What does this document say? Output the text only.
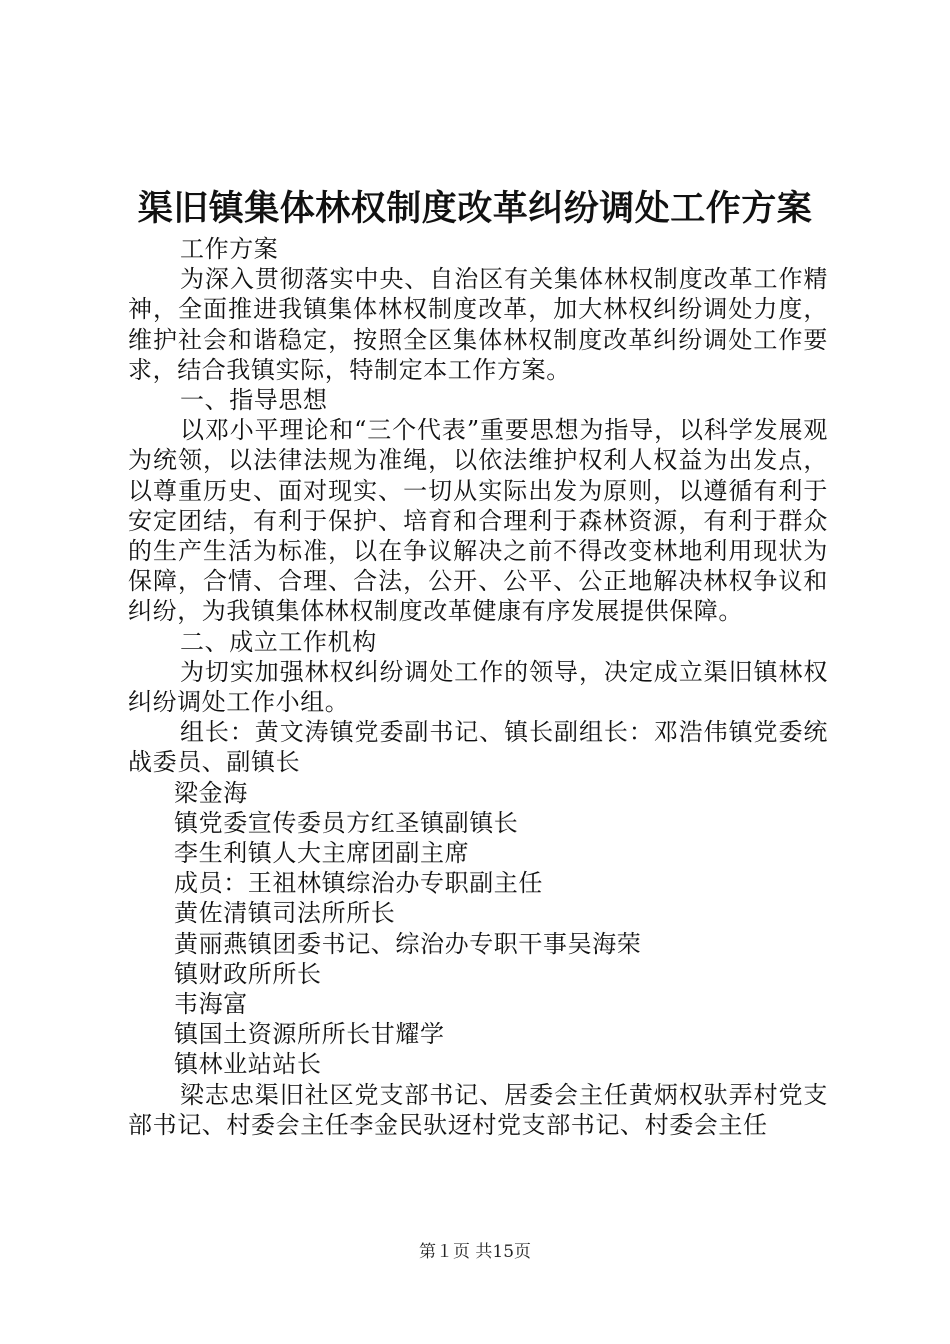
渠旧镇集体林权制度改革纠纷调处工作方案

工作方案

为深入贯彻落实中央、自治区有关集体林权制度改革工作精神，全面推进我镇集体林权制度改革，加大林权纠纷调处力度，维护社会和谐稳定，按照全区集体林权制度改革纠纷调处工作要求，结合我镇实际，特制定本工作方案。

一、指导思想

以邓小平理论和“三个代表”重要思想为指导，以科学发展观为统领，以法律法规为准绳，以依法维护权利人权益为出发点，以尊重历史、面对现实、一切从实际出发为原则，以遵循有利于安定团结，有利于保护、培育和合理利于森林资源，有利于群众的生产生活为标准，以在争议解决之前不得改变林地利用现状为保障，合情、合理、合法，公开、公平、公正地解决林权争议和纠纷，为我镇集体林权制度改革健康有序发展提供保障。

二、成立工作机构

为切实加强林权纠纷调处工作的领导，决定成立渠旧镇林权纠纷调处工作小组。

组长：黄文涛镇党委副书记、镇长副组长：邓浩伟镇党委统战委员、副镇长

梁金海

镇党委宣传委员方红圣镇副镇长

李生利镇人大主席团副主席

成员：王祖林镇综治办专职副主任

黄佐清镇司法所所长

黄丽燕镇团委书记、综治办专职干事吴海荣

镇财政所所长

韦海富

镇国土资源所所长甘耀学

镇林业站站长

梁志忠渠旧社区党支部书记、居委会主任黄炳权驮弄村党支部书记、村委会主任李金民驮迓村党支部书记、村委会主任

第１页 共15页
